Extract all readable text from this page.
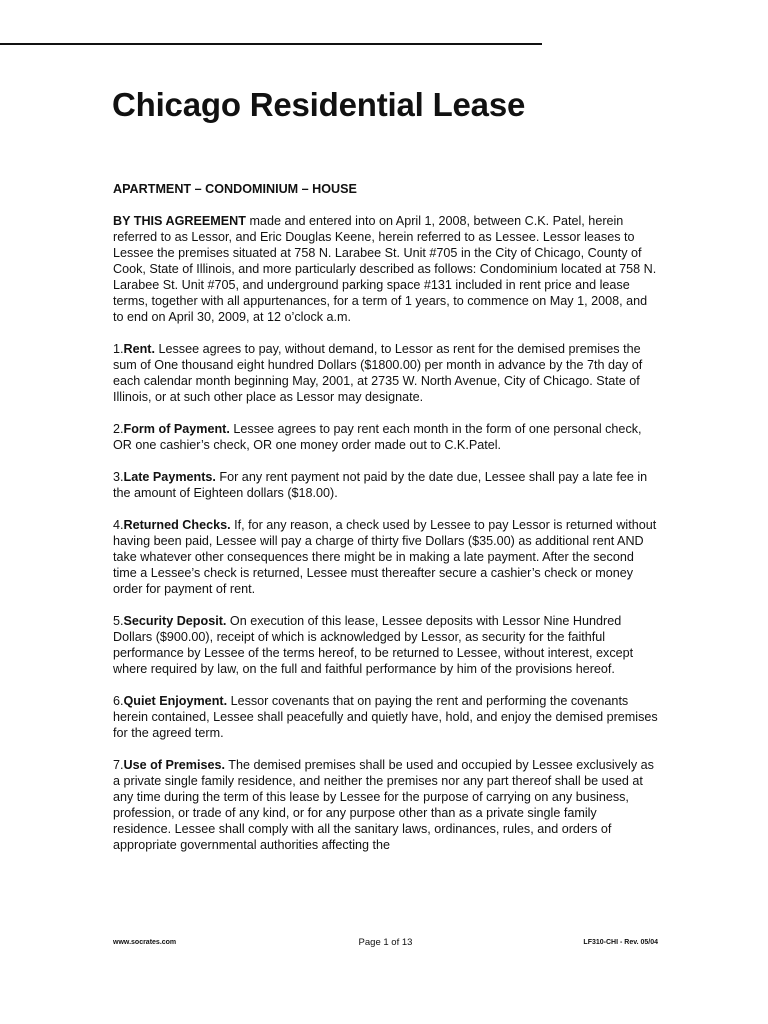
Chicago Residential Lease

APARTMENT – CONDOMINIUM – HOUSE

BY THIS AGREEMENT made and entered into on April 1, 2008, between C.K. Patel, herein referred to as Lessor, and Eric Douglas Keene, herein referred to as Lessee. Lessor leases to Lessee the premises situated at 758 N. Larabee St. Unit #705 in the City of Chicago, County of Cook, State of Illinois, and more particularly described as follows: Condominium located at 758 N. Larabee St. Unit #705, and underground parking space #131 included in rent price and lease terms, together with all appurtenances, for a term of 1 years, to commence on May 1, 2008, and to end on April 30, 2009, at 12 o’clock a.m.

1.Rent. Lessee agrees to pay, without demand, to Lessor as rent for the demised premises the sum of One thousand eight hundred Dollars ($1800.00) per month in advance by the 7th day of each calendar month beginning May, 2001, at 2735 W. North Avenue, City of Chicago. State of Illinois, or at such other place as Lessor may designate.

2.Form of Payment. Lessee agrees to pay rent each month in the form of one personal check, OR one cashier’s check, OR one money order made out to C.K.Patel.

3.Late Payments. For any rent payment not paid by the date due, Lessee shall pay a late fee in the amount of Eighteen dollars ($18.00).

4.Returned Checks. If, for any reason, a check used by Lessee to pay Lessor is returned without having been paid, Lessee will pay a charge of thirty five Dollars ($35.00) as additional rent AND take whatever other consequences there might be in making a late payment. After the second time a Lessee’s check is returned, Lessee must thereafter secure a cashier’s check or money order for payment of rent.

5.Security Deposit. On execution of this lease, Lessee deposits with Lessor Nine Hundred Dollars ($900.00), receipt of which is acknowledged by Lessor, as security for the faithful performance by Lessee of the terms hereof, to be returned to Lessee, without interest, except where required by law, on the full and faithful performance by him of the provisions hereof.

6.Quiet Enjoyment. Lessor covenants that on paying the rent and performing the covenants herein contained, Lessee shall peacefully and quietly have, hold, and enjoy the demised premises for the agreed term.

7.Use of Premises. The demised premises shall be used and occupied by Lessee exclusively as a private single family residence, and neither the premises nor any part thereof shall be used at any time during the term of this lease by Lessee for the purpose of carrying on any business, profession, or trade of any kind, or for any purpose other than as a private single family residence. Lessee shall comply with all the sanitary laws, ordinances, rules, and orders of appropriate governmental authorities affecting the

www.socrates.com	Page 1 of 13	LF310-CHI - Rev. 05/04
